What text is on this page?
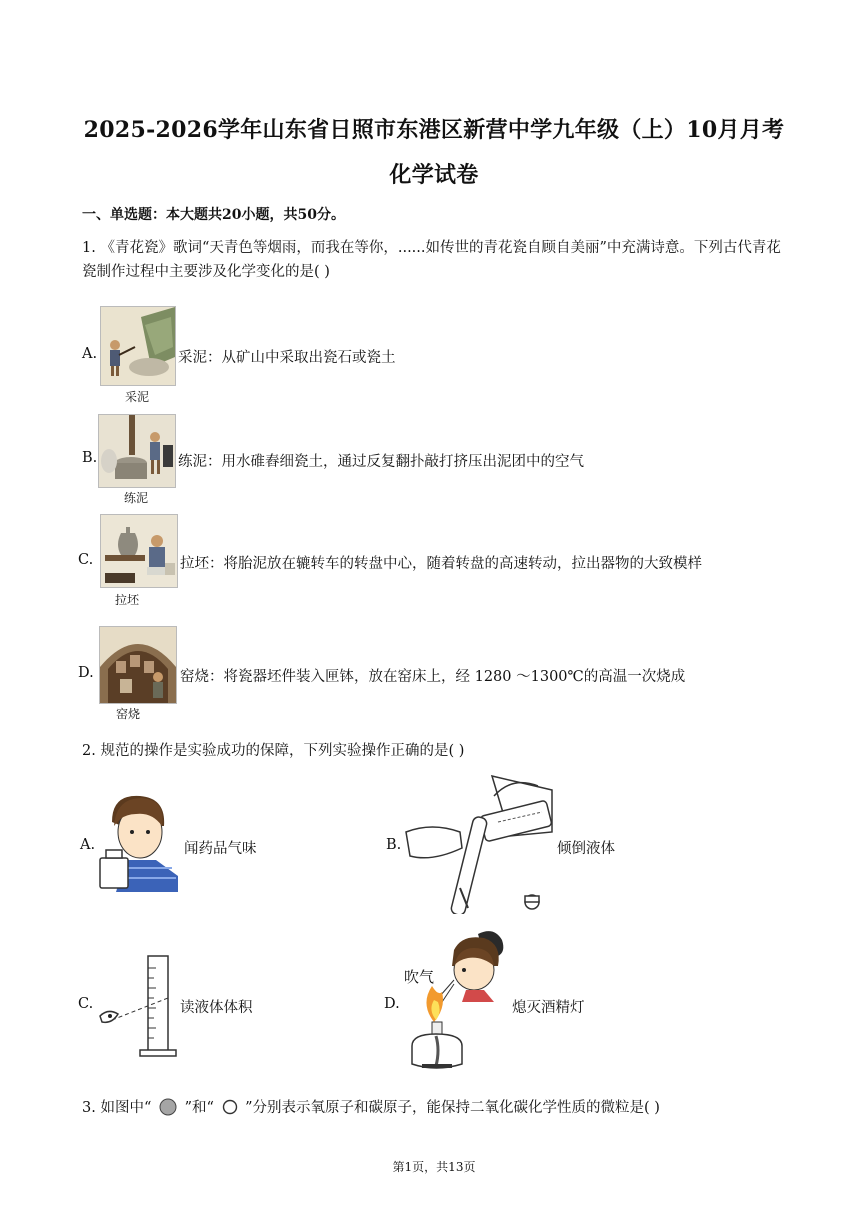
2025-2026学年山东省日照市东港区新营中学九年级（上）10月月考
化学试卷
一、单选题：本大题共20小题，共50分。
1. 《青花瓷》歌词“天青色等烟雨，而我在等你，......如传世的青花瓷自顾自美丽”中充满诗意。下列古代青花瓷制作过程中主要涉及化学变化的是( )
A.
采泥
采泥：从矿山中采取出瓷石或瓷土
B.
练泥
练泥：用水碓舂细瓷土，通过反复翻扑敲打挤压出泥团中的空气
C.
拉坯
拉坯：将胎泥放在辘转车的转盘中心，随着转盘的高速转动，拉出器物的大致模样
D.
窑烧
窑烧：将瓷器坯件装入匣钵，放在窑床上，经 1280 ～1300℃的高温一次烧成
2. 规范的操作是实验成功的保障，下列实验操作正确的是( )
A.	闻药品气味	B.	倾倒液体
C.	读液体体积	D.
吹气
熄灭酒精灯
3. 如图中“ ”和“ ”分别表示氧原子和碳原子，能保持二氧化碳化学性质的微粒是( )
第1页，共13页
